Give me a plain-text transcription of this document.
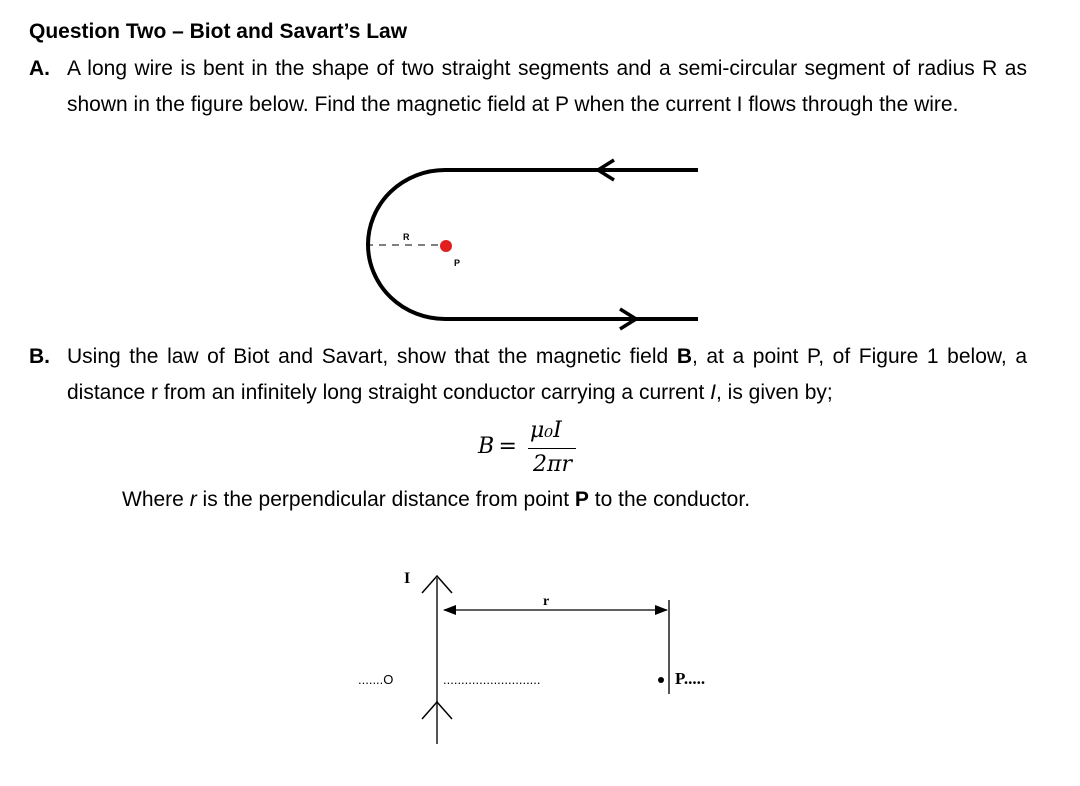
Question Two – Biot and Savart’s Law
A. A long wire is bent in the shape of two straight segments and a semi-circular segment of radius R as shown in the figure below. Find the magnetic field at P when the current I flows through the wire.
R
P
B. Using the law of Biot and Savart, show that the magnetic field B, at a point P, of Figure 1 below, a distance r from an infinitely long straight conductor carrying a current I, is given by;
B =
μ₀I
2πr
Where r is the perpendicular distance from point P to the conductor.
I
r
.......O	...........................	P.....
